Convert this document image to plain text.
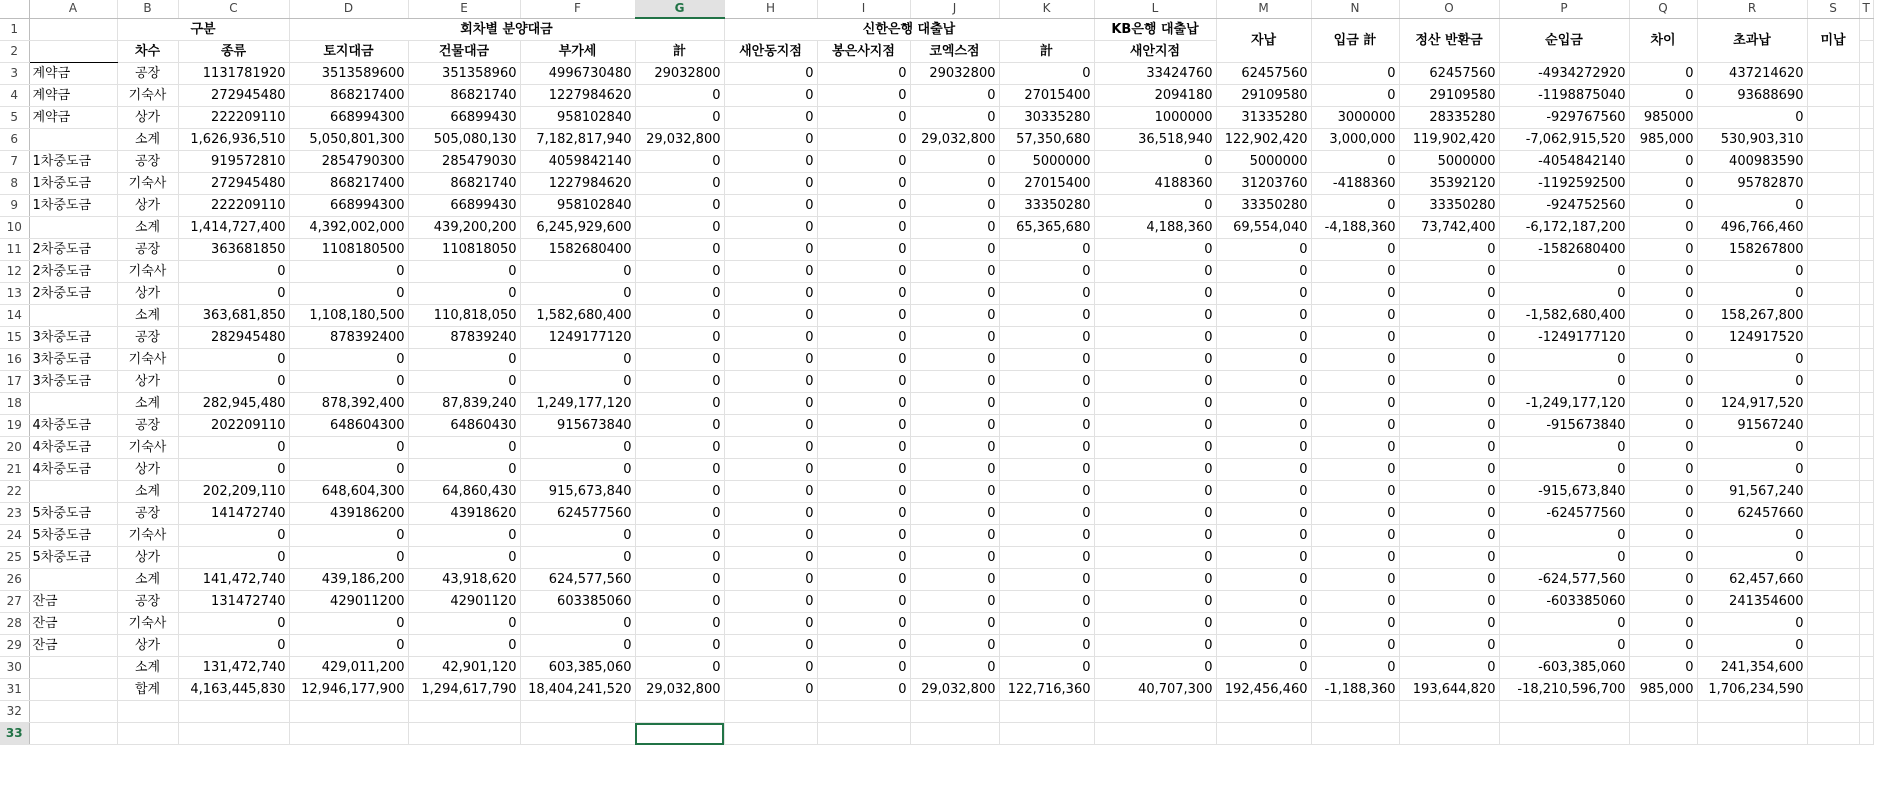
	A	B	C	D	E	F	G	H	I	J	K	L	M	N	O	P	Q	R	S	T
1		구분		회차별 분양대금				신한은행 대출납				KB은행 대출납	자납	입금 計	정산 반환금	순입금	차이	초과납	미납	
2		차수	종류	토지대금	건물대금	부가세	計	새안동지점	봉은사지점	코엑스점	計	새안지점								
3	계약금	공장	1131781920	3513589600	351358960	4996730480	29032800	0	0	29032800	0	33424760	62457560	0	62457560	-4934272920	0	437214620		
4	계약금	기숙사	272945480	868217400	86821740	1227984620	0	0	0	0	27015400	2094180	29109580	0	29109580	-1198875040	0	93688690		
5	계약금	상가	222209110	668994300	66899430	958102840	0	0	0	0	30335280	1000000	31335280	3000000	28335280	-929767560	985000	0		
6		소계	1,626,936,510	5,050,801,300	505,080,130	7,182,817,940	29,032,800	0	0	29,032,800	57,350,680	36,518,940	122,902,420	3,000,000	119,902,420	-7,062,915,520	985,000	530,903,310		
7	1차중도금	공장	919572810	2854790300	285479030	4059842140	0	0	0	0	5000000	0	5000000	0	5000000	-4054842140	0	400983590		
8	1차중도금	기숙사	272945480	868217400	86821740	1227984620	0	0	0	0	27015400	4188360	31203760	-4188360	35392120	-1192592500	0	95782870		
9	1차중도금	상가	222209110	668994300	66899430	958102840	0	0	0	0	33350280	0	33350280	0	33350280	-924752560	0	0		
10		소계	1,414,727,400	4,392,002,000	439,200,200	6,245,929,600	0	0	0	0	65,365,680	4,188,360	69,554,040	-4,188,360	73,742,400	-6,172,187,200	0	496,766,460		
11	2차중도금	공장	363681850	1108180500	110818050	1582680400	0	0	0	0	0	0	0	0	0	-1582680400	0	158267800		
12	2차중도금	기숙사	0	0	0	0	0	0	0	0	0	0	0	0	0	0	0	0		
13	2차중도금	상가	0	0	0	0	0	0	0	0	0	0	0	0	0	0	0	0		
14		소계	363,681,850	1,108,180,500	110,818,050	1,582,680,400	0	0	0	0	0	0	0	0	0	-1,582,680,400	0	158,267,800		
15	3차중도금	공장	282945480	878392400	87839240	1249177120	0	0	0	0	0	0	0	0	0	-1249177120	0	124917520		
16	3차중도금	기숙사	0	0	0	0	0	0	0	0	0	0	0	0	0	0	0	0		
17	3차중도금	상가	0	0	0	0	0	0	0	0	0	0	0	0	0	0	0	0		
18		소계	282,945,480	878,392,400	87,839,240	1,249,177,120	0	0	0	0	0	0	0	0	0	-1,249,177,120	0	124,917,520		
19	4차중도금	공장	202209110	648604300	64860430	915673840	0	0	0	0	0	0	0	0	0	-915673840	0	91567240		
20	4차중도금	기숙사	0	0	0	0	0	0	0	0	0	0	0	0	0	0	0	0		
21	4차중도금	상가	0	0	0	0	0	0	0	0	0	0	0	0	0	0	0	0		
22		소계	202,209,110	648,604,300	64,860,430	915,673,840	0	0	0	0	0	0	0	0	0	-915,673,840	0	91,567,240		
23	5차중도금	공장	141472740	439186200	43918620	624577560	0	0	0	0	0	0	0	0	0	-624577560	0	62457660		
24	5차중도금	기숙사	0	0	0	0	0	0	0	0	0	0	0	0	0	0	0	0		
25	5차중도금	상가	0	0	0	0	0	0	0	0	0	0	0	0	0	0	0	0		
26		소계	141,472,740	439,186,200	43,918,620	624,577,560	0	0	0	0	0	0	0	0	0	-624,577,560	0	62,457,660		
27	잔금	공장	131472740	429011200	42901120	603385060	0	0	0	0	0	0	0	0	0	-603385060	0	241354600		
28	잔금	기숙사	0	0	0	0	0	0	0	0	0	0	0	0	0	0	0	0		
29	잔금	상가	0	0	0	0	0	0	0	0	0	0	0	0	0	0	0	0		
30		소계	131,472,740	429,011,200	42,901,120	603,385,060	0	0	0	0	0	0	0	0	0	-603,385,060	0	241,354,600		
31		합계	4,163,445,830	12,946,177,900	1,294,617,790	18,404,241,520	29,032,800	0	0	29,032,800	122,716,360	40,707,300	192,456,460	-1,188,360	193,644,820	-18,210,596,700	985,000	1,706,234,590		
32																				
33																				
